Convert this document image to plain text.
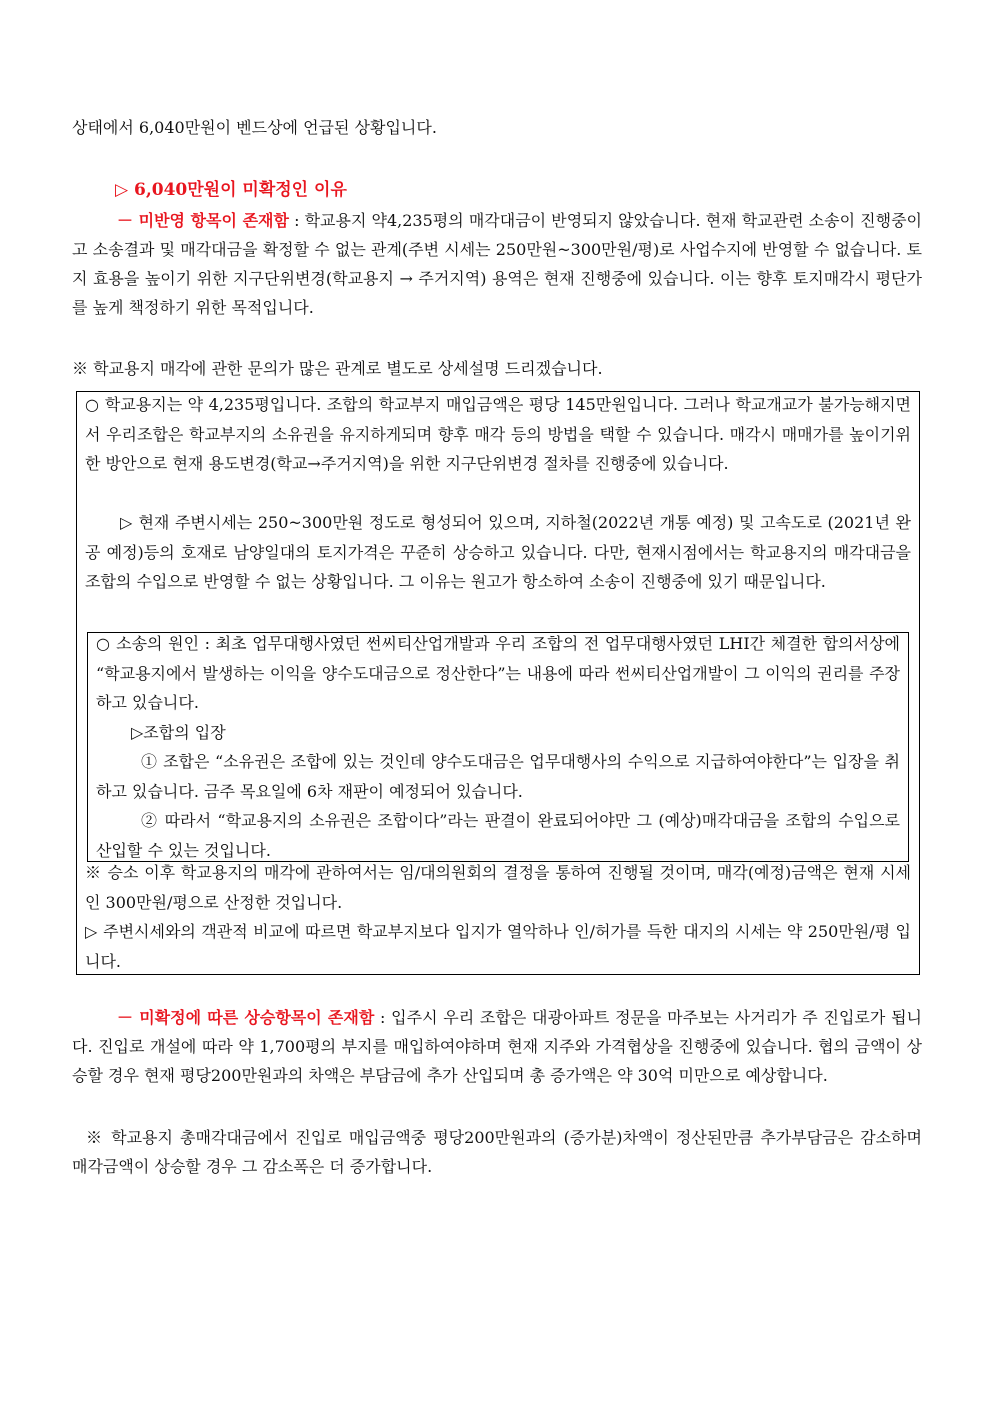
상태에서 6,040만원이 벤드상에 언급된 상황입니다.

▷ 6,040만원이 미확정인 이유

－ 미반영 항목이 존재함 : 학교용지 약4,235평의 매각대금이 반영되지 않았습니다. 현재 학교관련 소송이 진행중이고 소송결과 및 매각대금을 확정할 수 없는 관계(주변 시세는 250만원~300만원/평)로 사업수지에 반영할 수 없습니다. 토지 효용을 높이기 위한 지구단위변경(학교용지 → 주거지역) 용역은 현재 진행중에 있습니다. 이는 향후 토지매각시 평단가를 높게 책정하기 위한 목적입니다.

※ 학교용지 매각에 관한 문의가 많은 관계로 별도로 상세설명 드리겠습니다.

○ 학교용지는 약 4,235평입니다. 조합의 학교부지 매입금액은 평당 145만원입니다. 그러나 학교개교가 불가능해지면서 우리조합은 학교부지의 소유권을 유지하게되며 향후 매각 등의 방법을 택할 수 있습니다. 매각시 매매가를 높이기위한 방안으로 현재 용도변경(학교→주거지역)을 위한 지구단위변경 절차를 진행중에 있습니다.

▷ 현재 주변시세는 250~300만원 정도로 형성되어 있으며, 지하철(2022년 개통 예정) 및 고속도로 (2021년 완공 예정)등의 호재로 남양일대의 토지가격은 꾸준히 상승하고 있습니다. 다만, 현재시점에서는 학교용지의 매각대금을 조합의 수입으로 반영할 수 없는 상황입니다. 그 이유는 원고가 항소하여 소송이 진행중에 있기 때문입니다.

○ 소송의 원인 : 최초 업무대행사였던 썬씨티산업개발과 우리 조합의 전 업무대행사였던 LHI간 체결한 합의서상에 “학교용지에서 발생하는 이익을 양수도대금으로 정산한다”는 내용에 따라 썬씨티산업개발이 그 이익의 권리를 주장하고 있습니다.

▷조합의 입장

① 조합은 “소유권은 조합에 있는 것인데 양수도대금은 업무대행사의 수익으로 지급하여야한다”는 입장을 취하고 있습니다. 금주 목요일에 6차 재판이 예정되어 있습니다.

② 따라서 “학교용지의 소유권은 조합이다”라는 판결이 완료되어야만 그 (예상)매각대금을 조합의 수입으로 산입할 수 있는 것입니다.

※ 승소 이후 학교용지의 매각에 관하여서는 임/대의원회의 결정을 통하여 진행될 것이며, 매각(예정)금액은 현재 시세인 300만원/평으로 산정한 것입니다.

▷ 주변시세와의 객관적 비교에 따르면 학교부지보다 입지가 열악하나 인/허가를 득한 대지의 시세는 약 250만원/평 입니다.

－ 미확정에 따른 상승항목이 존재함 : 입주시 우리 조합은 대광아파트 정문을 마주보는 사거리가 주 진입로가 됩니다. 진입로 개설에 따라 약 1,700평의 부지를 매입하여야하며 현재 지주와 가격협상을 진행중에 있습니다. 협의 금액이 상승할 경우 현재 평당200만원과의 차액은 부담금에 추가 산입되며 총 증가액은 약 30억 미만으로 예상합니다.

※ 학교용지 총매각대금에서 진입로 매입금액중 평당200만원과의 (증가분)차액이 정산된만큼 추가부담금은 감소하며 매각금액이 상승할 경우 그 감소폭은 더 증가합니다.
